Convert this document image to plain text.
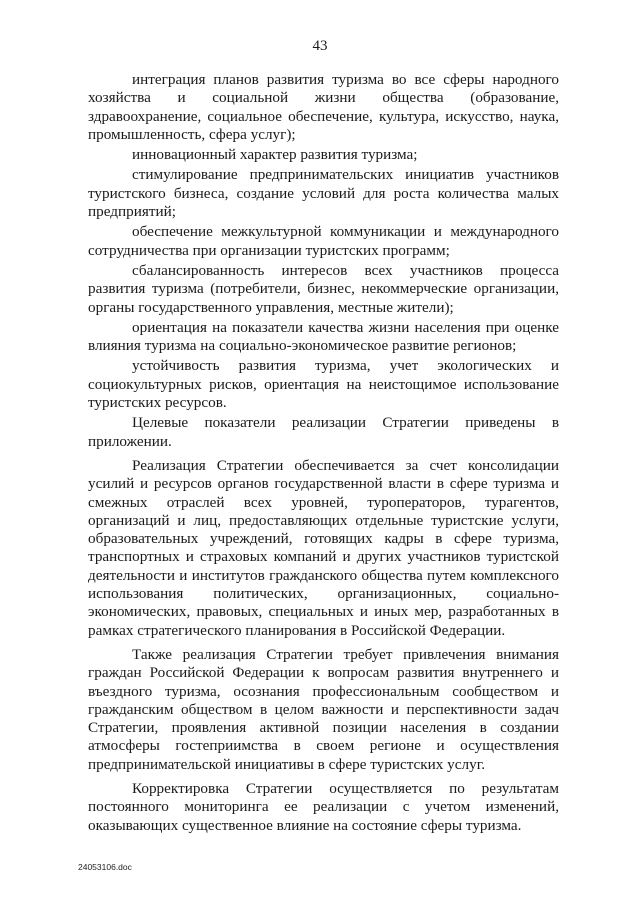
43

интеграция планов развития туризма во все сферы народного хозяйства и социальной жизни общества (образование, здравоохранение, социальное обеспечение, культура, искусство, наука, промышленность, сфера услуг);

инновационный характер развития туризма;

стимулирование предпринимательских инициатив участников туристского бизнеса, создание условий для роста количества малых предприятий;

обеспечение межкультурной коммуникации и международного сотрудничества при организации туристских программ;

сбалансированность интересов всех участников процесса развития туризма (потребители, бизнес, некоммерческие организации, органы государственного управления, местные жители);

ориентация на показатели качества жизни населения при оценке влияния туризма на социально-экономическое развитие регионов;

устойчивость развития туризма, учет экологических и социокультурных рисков, ориентация на неистощимое использование туристских ресурсов.

Целевые показатели реализации Стратегии приведены в приложении.

Реализация Стратегии обеспечивается за счет консолидации усилий и ресурсов органов государственной власти в сфере туризма и смежных отраслей всех уровней, туроператоров, турагентов, организаций и лиц, предоставляющих отдельные туристские услуги, образовательных учреждений, готовящих кадры в сфере туризма, транспортных и страховых компаний и других участников туристской деятельности и институтов гражданского общества путем комплексного использования политических, организационных, социально-экономических, правовых, специальных и иных мер, разработанных в рамках стратегического планирования в Российской Федерации.

Также реализация Стратегии требует привлечения внимания граждан Российской Федерации к вопросам развития внутреннего и въездного туризма, осознания профессиональным сообществом и гражданским обществом в целом важности и перспективности задач Стратегии, проявления активной позиции населения в создании атмосферы гостеприимства в своем регионе и осуществления предпринимательской инициативы в сфере туристских услуг.

Корректировка Стратегии осуществляется по результатам постоянного мониторинга ее реализации с учетом изменений, оказывающих существенное влияние на состояние сферы туризма.

24053106.doc
